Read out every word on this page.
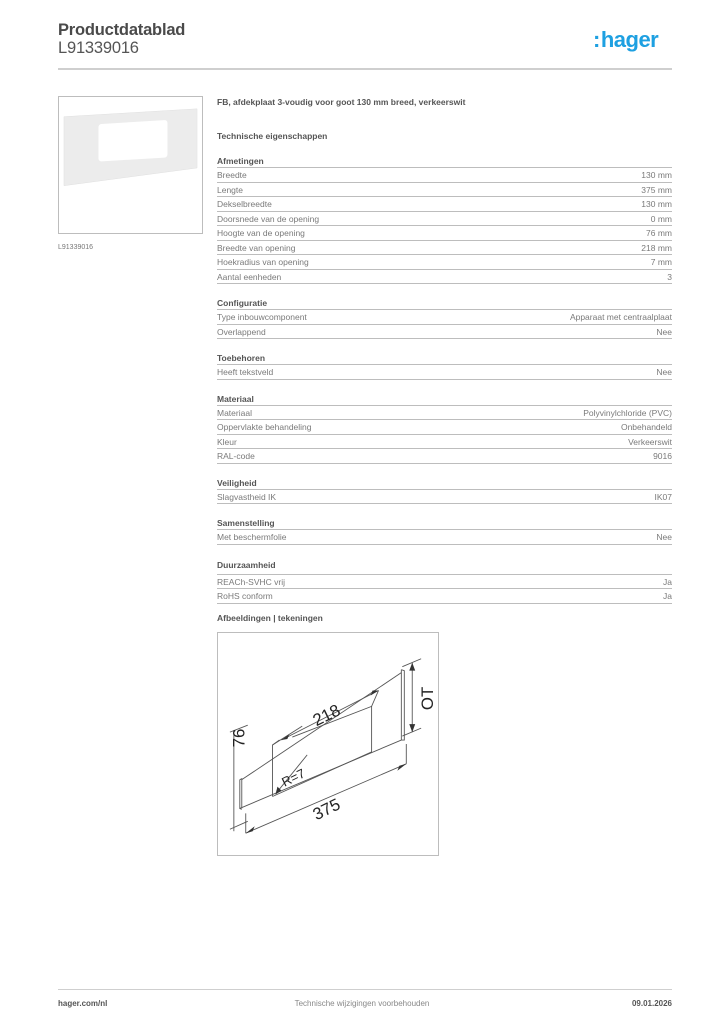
Productdatablad
L91339016	:hager
L91339016
FB, afdekplaat 3-voudig voor goot 130 mm breed, verkeerswit
Technische eigenschappen
Afmetingen
Breedte	130 mm
Lengte	375 mm
Dekselbreedte	130 mm
Doorsnede van de opening	0 mm
Hoogte van de opening	76 mm
Breedte van opening	218 mm
Hoekradius van opening	7 mm
Aantal eenheden	3
Configuratie
Type inbouwcomponent	Apparaat met centraalplaat
Overlappend	Nee
Toebehoren
Heeft tekstveld	Nee
Materiaal
Materiaal	Polyvinylchloride (PVC)
Oppervlakte behandeling	Onbehandeld
Kleur	Verkeerswit
RAL-code	9016
Veiligheid
Slagvastheid IK	IK07
Samenstelling
Met beschermfolie	Nee
Duurzaamheid
REACh-SVHC vrij	Ja
RoHS conform	Ja
Afbeeldingen | tekeningen
218
76
R=7
375
OT
hager.com/nl	Technische wijzigingen voorbehouden	09.01.2026
